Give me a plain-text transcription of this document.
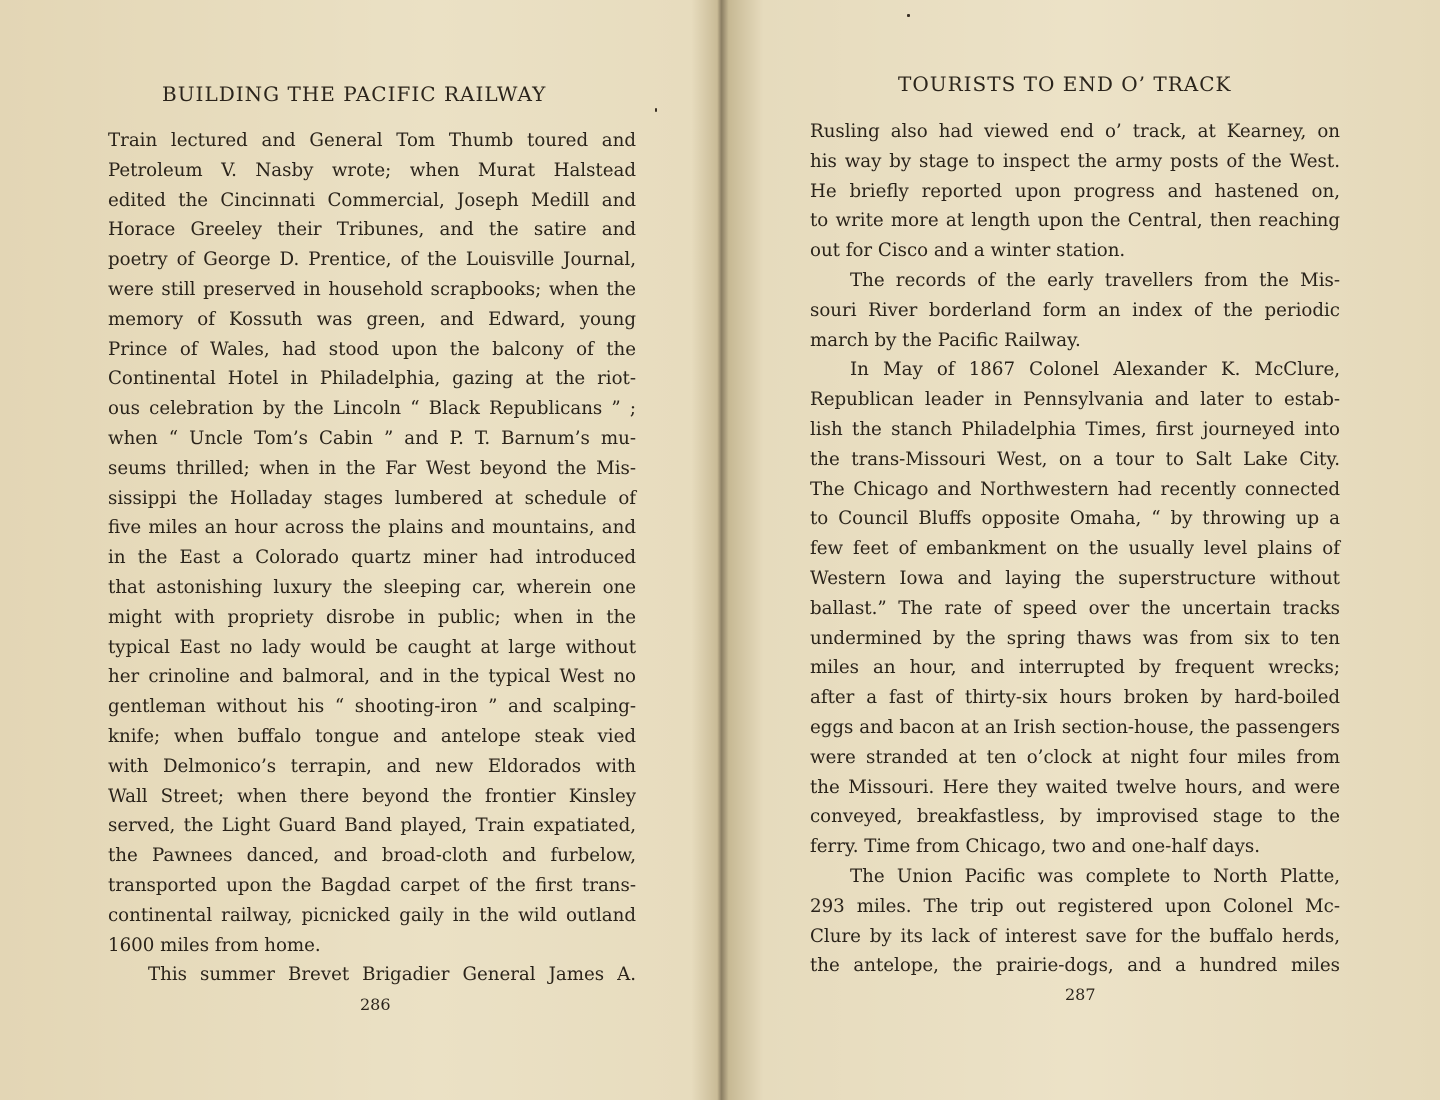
BUILDING THE PACIFIC RAILWAY
Train lectured and General Tom Thumb toured and
Petroleum V. Nasby wrote; when Murat Halstead
edited the Cincinnati Commercial, Joseph Medill and
Horace Greeley their Tribunes, and the satire and
poetry of George D. Prentice, of the Louisville Journal,
were still preserved in household scrapbooks; when the
memory of Kossuth was green, and Edward, young
Prince of Wales, had stood upon the balcony of the
Continental Hotel in Philadelphia, gazing at the riot-
ous celebration by the Lincoln “ Black Republicans ” ;
when “ Uncle Tom’s Cabin ” and P. T. Barnum’s mu-
seums thrilled; when in the Far West beyond the Mis-
sissippi the Holladay stages lumbered at schedule of
five miles an hour across the plains and mountains, and
in the East a Colorado quartz miner had introduced
that astonishing luxury the sleeping car, wherein one
might with propriety disrobe in public; when in the
typical East no lady would be caught at large without
her crinoline and balmoral, and in the typical West no
gentleman without his “ shooting-iron ” and scalping-
knife; when buffalo tongue and antelope steak vied
with Delmonico’s terrapin, and new Eldorados with
Wall Street; when there beyond the frontier Kinsley
served, the Light Guard Band played, Train expatiated,
the Pawnees danced, and broad-cloth and furbelow,
transported upon the Bagdad carpet of the first trans-
continental railway, picnicked gaily in the wild outland
1600 miles from home.
This summer Brevet Brigadier General James A.
286
TOURISTS TO END O’ TRACK
Rusling also had viewed end o’ track, at Kearney, on
his way by stage to inspect the army posts of the West.
He briefly reported upon progress and hastened on,
to write more at length upon the Central, then reaching
out for Cisco and a winter station.
The records of the early travellers from the Mis-
souri River borderland form an index of the periodic
march by the Pacific Railway.
In May of 1867 Colonel Alexander K. McClure,
Republican leader in Pennsylvania and later to estab-
lish the stanch Philadelphia Times, first journeyed into
the trans-Missouri West, on a tour to Salt Lake City.
The Chicago and Northwestern had recently connected
to Council Bluffs opposite Omaha, “ by throwing up a
few feet of embankment on the usually level plains of
Western Iowa and laying the superstructure without
ballast.” The rate of speed over the uncertain tracks
undermined by the spring thaws was from six to ten
miles an hour, and interrupted by frequent wrecks;
after a fast of thirty-six hours broken by hard-boiled
eggs and bacon at an Irish section-house, the passengers
were stranded at ten o’clock at night four miles from
the Missouri. Here they waited twelve hours, and were
conveyed, breakfastless, by improvised stage to the
ferry. Time from Chicago, two and one-half days.
The Union Pacific was complete to North Platte,
293 miles. The trip out registered upon Colonel Mc-
Clure by its lack of interest save for the buffalo herds,
the antelope, the prairie-dogs, and a hundred miles
287
